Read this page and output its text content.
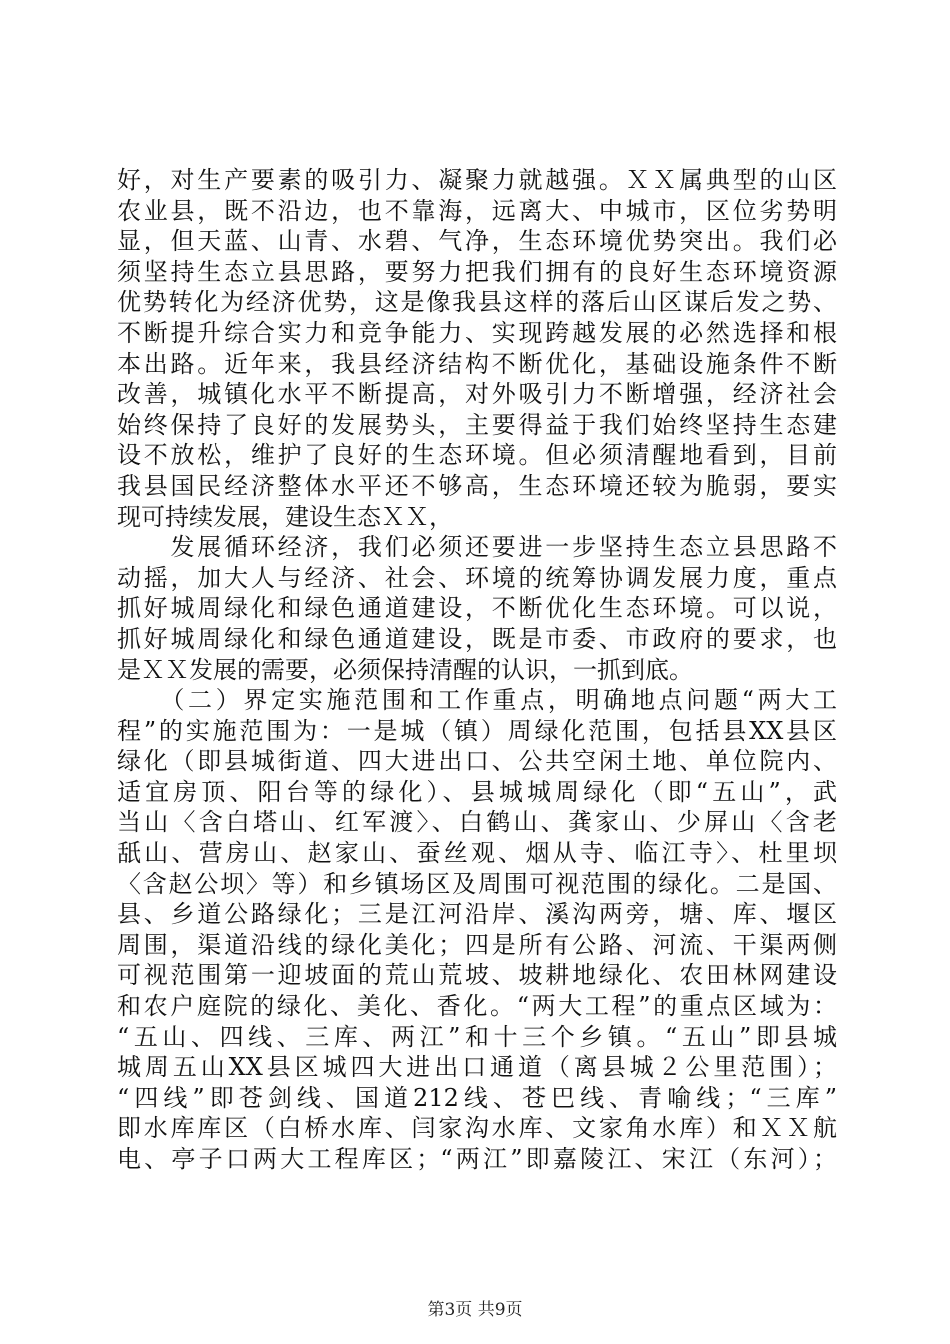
好，对生产要素的吸引力、凝聚力就越强。ＸＸ属典型的山区
农业县，既不沿边，也不靠海，远离大、中城市，区位劣势明
显，但天蓝、山青、水碧、气净，生态环境优势突出。我们必
须坚持生态立县思路，要努力把我们拥有的良好生态环境资源
优势转化为经济优势，这是像我县这样的落后山区谋后发之势、
不断提升综合实力和竞争能力、实现跨越发展的必然选择和根
本出路。近年来，我县经济结构不断优化，基础设施条件不断
改善，城镇化水平不断提高，对外吸引力不断增强，经济社会
始终保持了良好的发展势头，主要得益于我们始终坚持生态建
设不放松，维护了良好的生态环境。但必须清醒地看到，目前
我县国民经济整体水平还不够高，生态环境还较为脆弱，要实
现可持续发展，建设生态ＸＸ，

　　发展循环经济，我们必须还要进一步坚持生态立县思路不
动摇，加大人与经济、社会、环境的统筹协调发展力度，重点
抓好城周绿化和绿色通道建设，不断优化生态环境。可以说，
抓好城周绿化和绿色通道建设，既是市委、市政府的要求，也
是ＸＸ发展的需要，必须保持清醒的认识，一抓到底。

　　（二）界定实施范围和工作重点，明确地点问题“两大工
程”的实施范围为：一是城（镇）周绿化范围，包括县XX县区
绿化（即县城街道、四大进出口、公共空闲土地、单位院内、
适宜房顶、阳台等的绿化）、县城城周绿化（即“五山”，武
当山〈含白塔山、红军渡〉、白鹤山、龚家山、少屏山〈含老
舐山、营房山、赵家山、蚕丝观、烟从寺、临江寺〉、杜里坝
〈含赵公坝〉等）和乡镇场区及周围可视范围的绿化。二是国、
县、乡道公路绿化；三是江河沿岸、溪沟两旁，塘、库、堰区
周围，渠道沿线的绿化美化；四是所有公路、河流、干渠两侧
可视范围第一迎坡面的荒山荒坡、坡耕地绿化、农田林网建设
和农户庭院的绿化、美化、香化。“两大工程”的重点区域为：
“五山、四线、三库、两江”和十三个乡镇。“五山”即县城
城周五山XX县区城四大进出口通道（离县城２公里范围）；
“四线”即苍剑线、国道212线、苍巴线、青喻线；“三库”
即水库库区（白桥水库、闫家沟水库、文家角水库）和ＸＸ航
电、亭子口两大工程库区；“两江”即嘉陵江、宋江（东河）；

第3页 共9页
